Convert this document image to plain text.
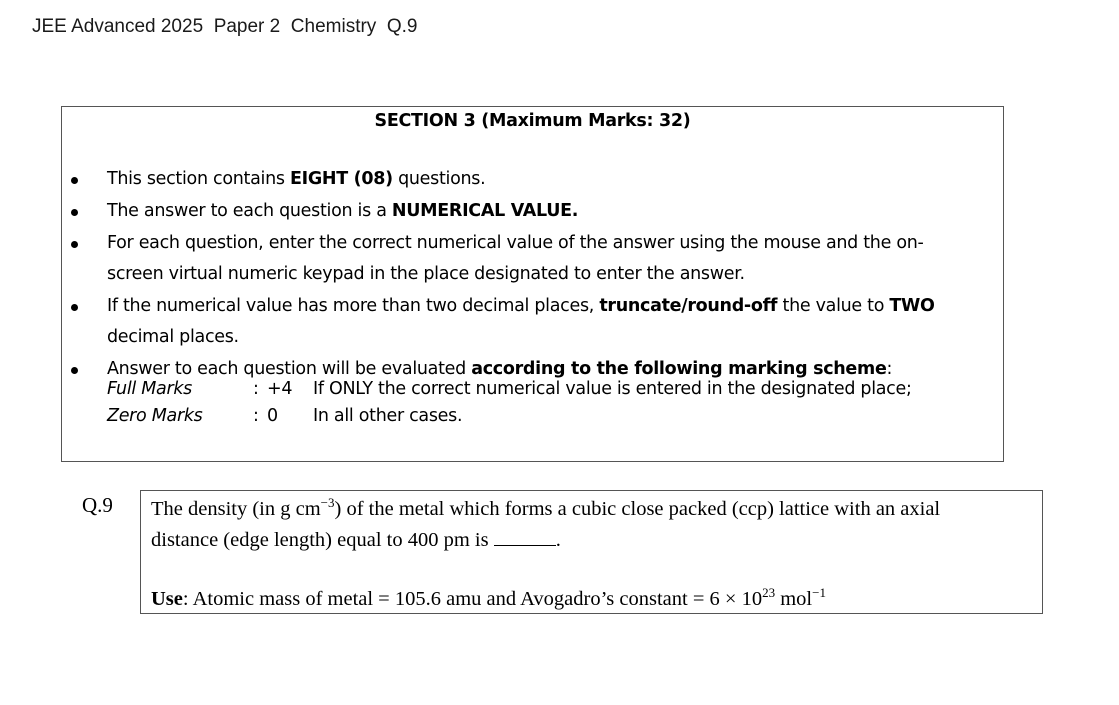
JEE Advanced 2025  Paper 2  Chemistry  Q.9
SECTION 3 (Maximum Marks: 32)
This section contains EIGHT (08) questions.
The answer to each question is a NUMERICAL VALUE.
For each question, enter the correct numerical value of the answer using the mouse and the on-
screen virtual numeric keypad in the place designated to enter the answer.
If the numerical value has more than two decimal places, truncate/round-off the value to TWO
decimal places.
Answer to each question will be evaluated according to the following marking scheme:
Full Marks	: +4	If ONLY the correct numerical value is entered in the designated place;
Zero Marks	: 0	In all other cases.
Q.9 The density (in g $cm^{-3}$) of the metal which forms a cubic close packed (ccp) lattice with an axial
distance (edge length) equal to 400 pm is	.
Use: Atomic mass of metal = 105.6 amu and Avogadro’s constant = $6 \times 10^{23}$ mol$^{-1}$
